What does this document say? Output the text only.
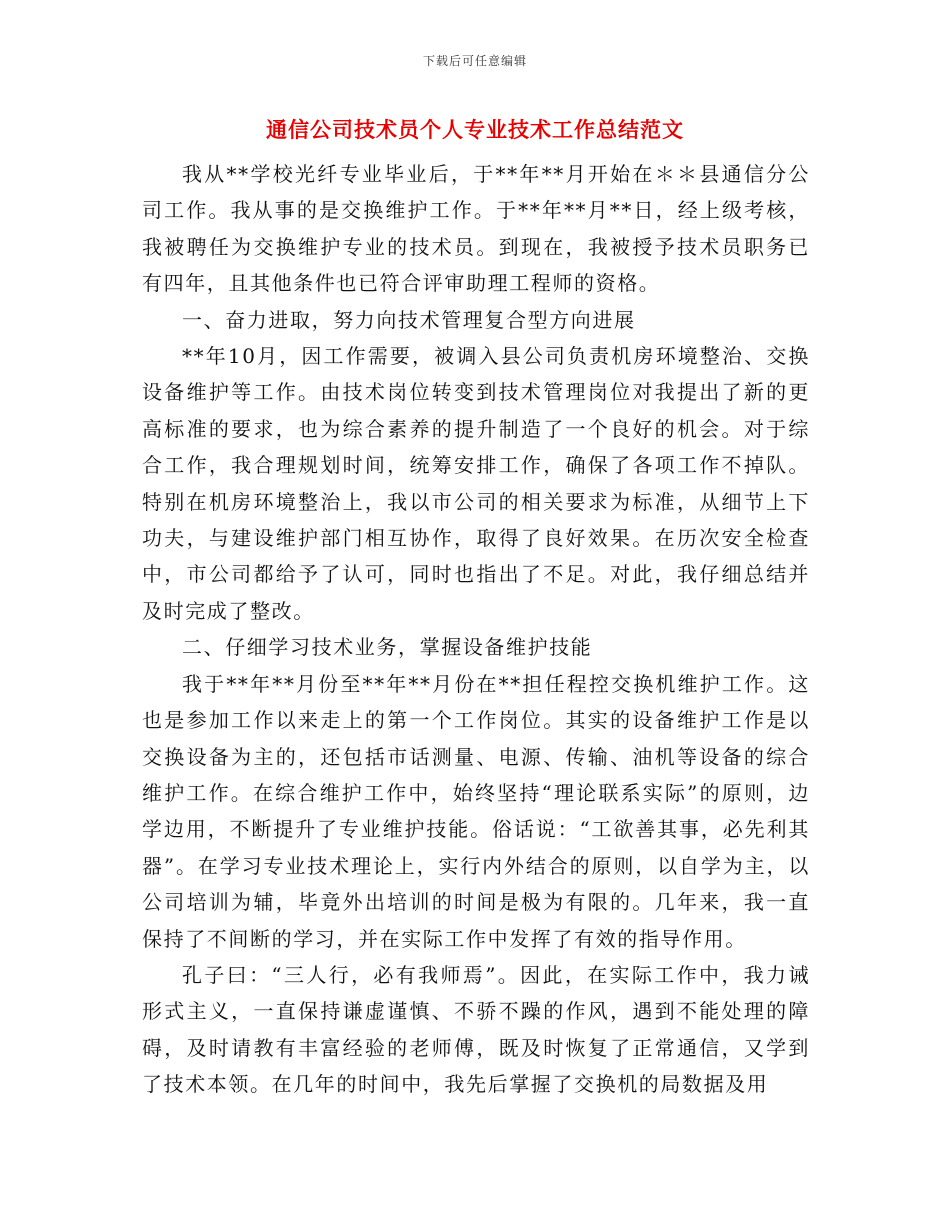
下载后可任意编辑
通信公司技术员个人专业技术工作总结范文

我从**学校光纤专业毕业后，于**年**月开始在＊＊县通信分公司工作。我从事的是交换维护工作。于**年**月**日，经上级考核，我被聘任为交换维护专业的技术员。到现在，我被授予技术员职务已有四年，且其他条件也已符合评审助理工程师的资格。

一、奋力进取，努力向技术管理复合型方向进展

**年10月，因工作需要，被调入县公司负责机房环境整治、交换设备维护等工作。由技术岗位转变到技术管理岗位对我提出了新的更高标准的要求，也为综合素养的提升制造了一个良好的机会。对于综合工作，我合理规划时间，统筹安排工作，确保了各项工作不掉队。特别在机房环境整治上，我以市公司的相关要求为标准，从细节上下功夫，与建设维护部门相互协作，取得了良好效果。在历次安全检查中，市公司都给予了认可，同时也指出了不足。对此，我仔细总结并及时完成了整改。

二、仔细学习技术业务，掌握设备维护技能

我于**年**月份至**年**月份在**担任程控交换机维护工作。这也是参加工作以来走上的第一个工作岗位。其实的设备维护工作是以交换设备为主的，还包括市话测量、电源、传输、油机等设备的综合维护工作。在综合维护工作中，始终坚持“理论联系实际”的原则，边学边用，不断提升了专业维护技能。俗话说：“工欲善其事，必先利其器”。在学习专业技术理论上，实行内外结合的原则，以自学为主，以公司培训为辅，毕竟外出培训的时间是极为有限的。几年来，我一直保持了不间断的学习，并在实际工作中发挥了有效的指导作用。

孔子曰：“三人行，必有我师焉”。因此，在实际工作中，我力诫形式主义，一直保持谦虚谨慎、不骄不躁的作风，遇到不能处理的障碍，及时请教有丰富经验的老师傅，既及时恢复了正常通信，又学到了技术本领。在几年的时间中，我先后掌握了交换机的局数据及用
